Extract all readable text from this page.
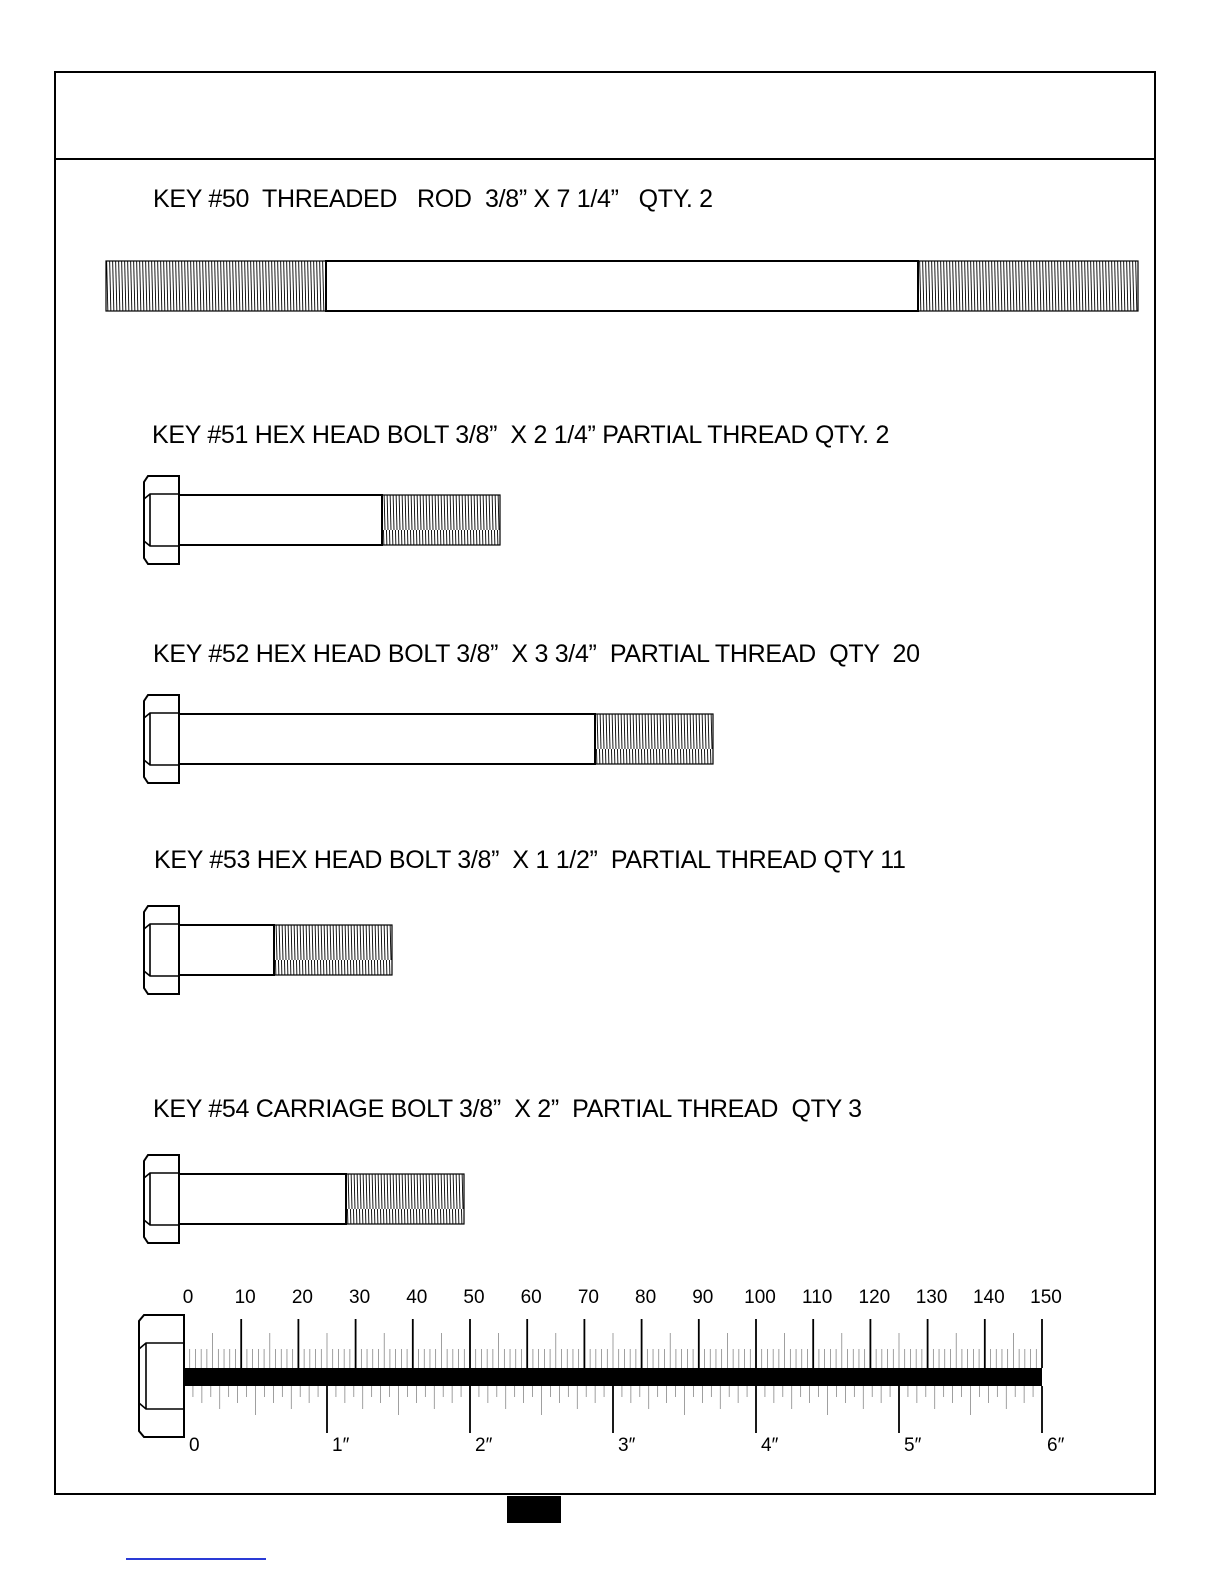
KEY #50  THREADED   ROD  3/8” X 7 1/4”   QTY. 2
KEY #51 HEX HEAD BOLT 3/8”  X 2 1/4” PARTIAL THREAD QTY. 2
KEY #52 HEX HEAD BOLT 3/8”  X 3 3/4”  PARTIAL THREAD  QTY  20
KEY #53 HEX HEAD BOLT 3/8”  X 1 1/2”  PARTIAL THREAD QTY 11
KEY #54 CARRIAGE BOLT 3/8”  X 2”  PARTIAL THREAD  QTY 3
0	10	20	30	40	50	60	70	80	90	100	110	120	130	140	150
0	1″	2″	3″	4″	5″	6″
